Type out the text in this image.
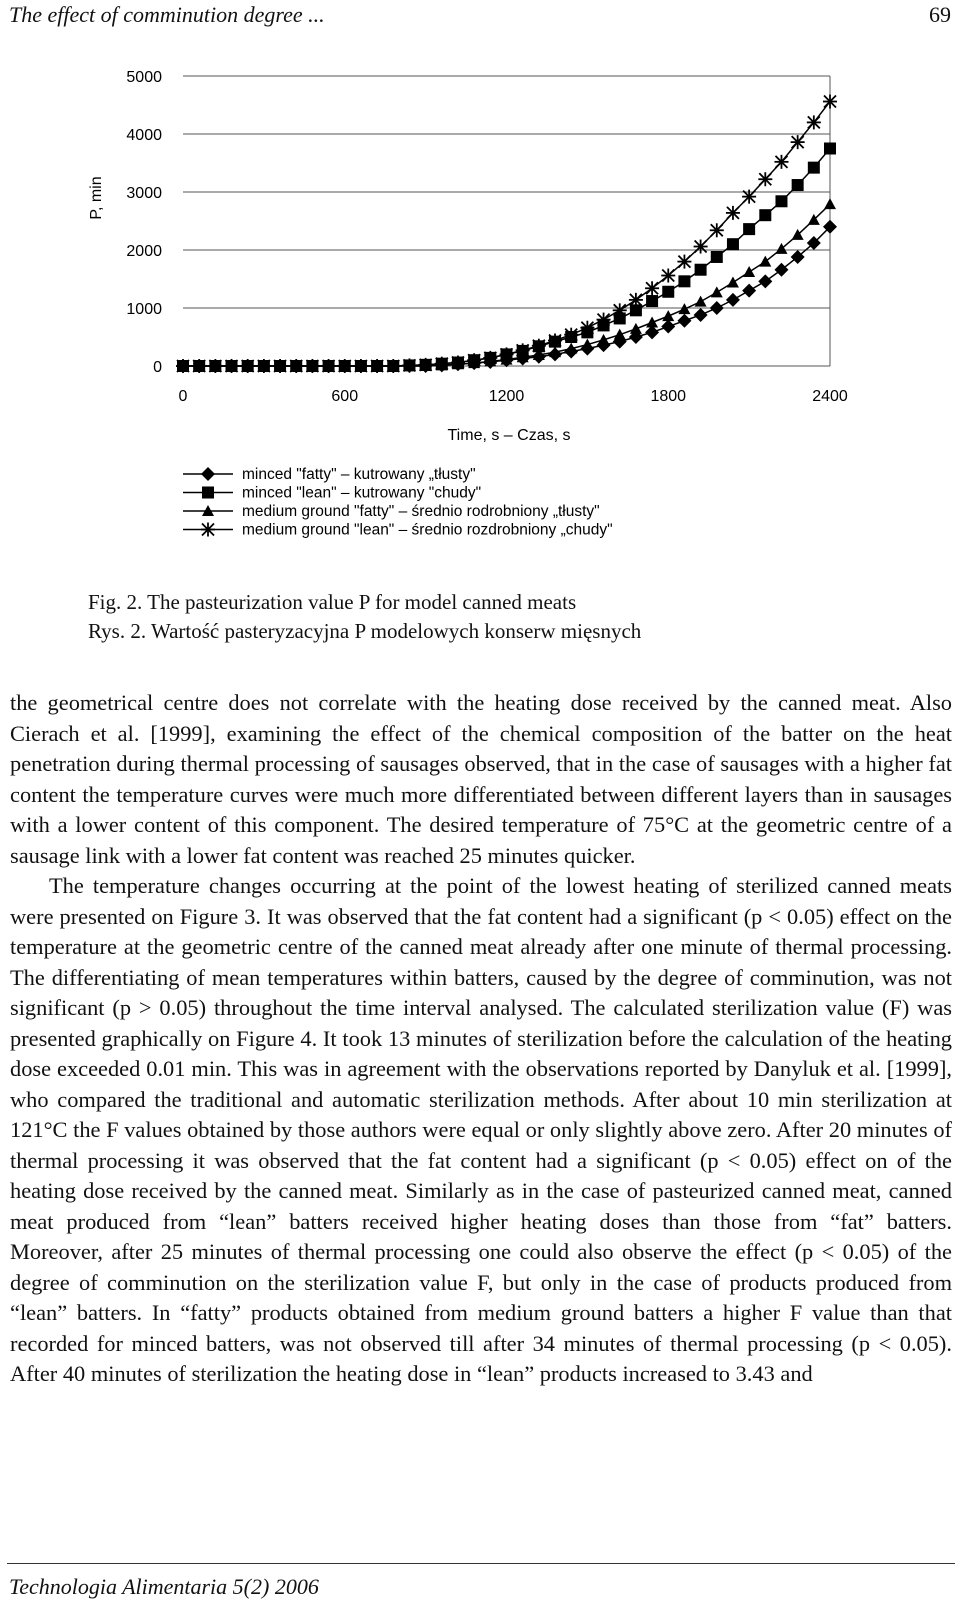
The effect of comminution degree ...	69
0
1000
2000
3000
4000
5000
0	600	1200	1800	2400
P, min
Time, s – Czas, s
minced "fatty" – kutrowany „tłusty"
minced "lean" – kutrowany "chudy"
medium ground "fatty" – średnio rodrobniony „tłusty"
medium ground "lean" – średnio rozdrobniony „chudy"
Fig. 2. The pasteurization value P for model canned meats
Rys. 2. Wartość pasteryzacyjna P modelowych konserw mięsnych

the geometrical centre does not correlate with the heating dose received by the canned meat. Also Cierach et al. [1999], examining the effect of the chemical composition of the batter on the heat penetration during thermal processing of sausages observed, that in the case of sausages with a higher fat content the temperature curves were much more differentiated between different layers than in sausages with a lower content of this component. The desired temperature of 75°C at the geometric centre of a sausage link with a lower fat content was reached 25 minutes quicker.

The temperature changes occurring at the point of the lowest heating of sterilized canned meats were presented on Figure 3. It was observed that the fat content had a significant (p < 0.05) effect on the temperature at the geometric centre of the canned meat already after one minute of thermal processing. The differentiating of mean temperatures within batters, caused by the degree of comminution, was not significant (p > 0.05) throughout the time interval analysed. The calculated sterilization value (F) was presented graphically on Figure 4. It took 13 minutes of sterilization before the calculation of the heating dose exceeded 0.01 min. This was in agreement with the observations reported by Danyluk et al. [1999], who compared the traditional and automatic sterilization methods. After about 10 min sterilization at 121°C the F values obtained by those authors were equal or only slightly above zero. After 20 minutes of thermal processing it was observed that the fat content had a significant (p < 0.05) effect on of the heating dose received by the canned meat. Similarly as in the case of pasteurized canned meat, canned meat produced from “lean” batters received higher heating doses than those from “fat” batters. Moreover, after 25 minutes of thermal processing one could also observe the effect (p < 0.05) of the degree of comminution on the sterilization value F, but only in the case of products produced from “lean” batters. In “fatty” products obtained from medium ground batters a higher F value than that recorded for minced batters, was not observed till after 34 minutes of thermal processing (p < 0.05). After 40 minutes of sterilization the heating dose in “lean” products increased to 3.43 and

Technologia Alimentaria 5(2) 2006
